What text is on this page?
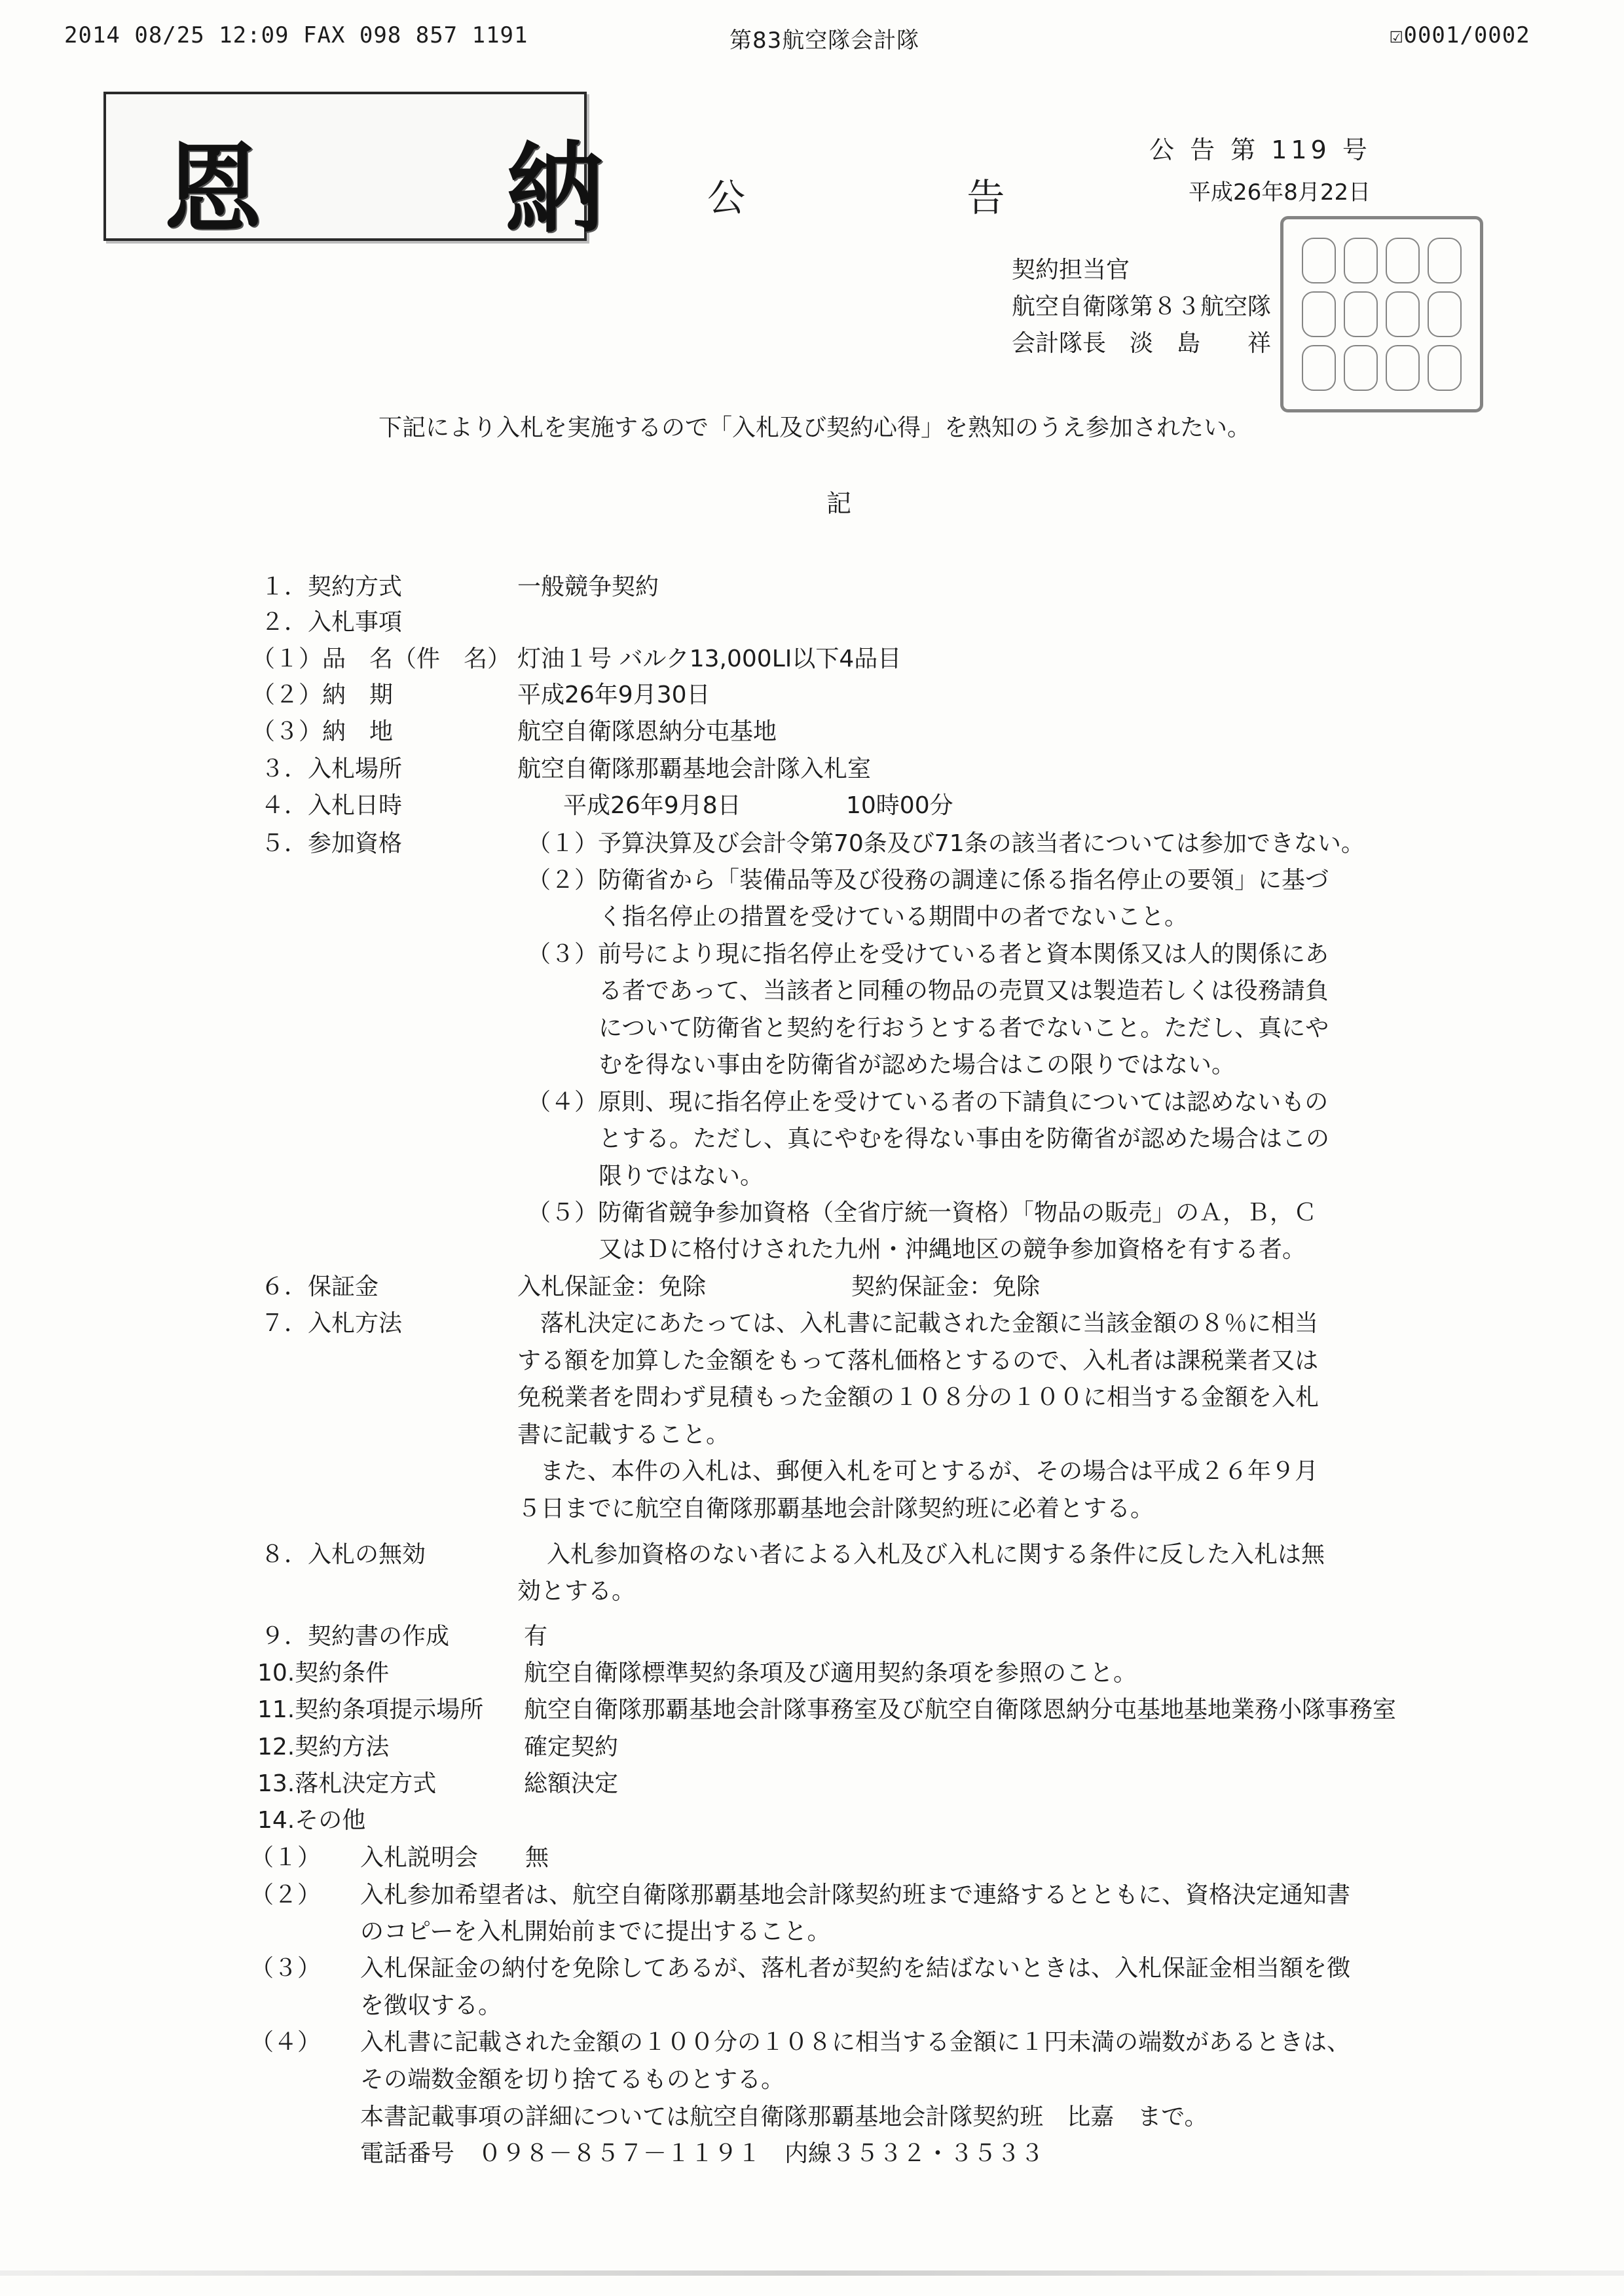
2014 08/25 12:09 FAX 098 857 1191	第83航空隊会計隊	☑0001/0002
恩 納
公 告
公 告 第 119 号
平成26年8月22日
契約担当官
航空自衛隊第８３航空隊
会計隊長　淡　島　　祥
下記により入札を実施するので「入札及び契約心得」を熟知のうえ参加されたい。
記
１．契約方式	一般競争契約
２．入札事項
（１）品　名（件　名） 灯油１号 バルク13,000LI以下4品目
（２）納　期	平成26年9月30日
（３）納　地	航空自衛隊恩納分屯基地
３．入札場所	航空自衛隊那覇基地会計隊入札室
４．入札日時	平成26年9月8日	10時00分
５．参加資格	（１）予算決算及び会計令第70条及び71条の該当者については参加できない。
（２）防衛省から「装備品等及び役務の調達に係る指名停止の要領」に基づ
く指名停止の措置を受けている期間中の者でないこと。
（３）前号により現に指名停止を受けている者と資本関係又は人的関係にあ
る者であって、当該者と同種の物品の売買又は製造若しくは役務請負
について防衛省と契約を行おうとする者でないこと。ただし、真にや
むを得ない事由を防衛省が認めた場合はこの限りではない。
（４）原則、現に指名停止を受けている者の下請負については認めないもの
とする。ただし、真にやむを得ない事由を防衛省が認めた場合はこの
限りではない。
（５）防衛省競争参加資格（全省庁統一資格）「物品の販売」のＡ，Ｂ，Ｃ
又はＤに格付けされた九州・沖縄地区の競争参加資格を有する者。
６．保証金	入札保証金：免除	契約保証金：免除
７．入札方法	落札決定にあたっては、入札書に記載された金額に当該金額の８％に相当
する額を加算した金額をもって落札価格とするので、入札者は課税業者又は
免税業者を問わず見積もった金額の１０８分の１００に相当する金額を入札
書に記載すること。
また、本件の入札は、郵便入札を可とするが、その場合は平成２６年９月
５日までに航空自衛隊那覇基地会計隊契約班に必着とする。
８．入札の無効	入札参加資格のない者による入札及び入札に関する条件に反した入札は無
効とする。
９．契約書の作成	有
10.契約条件	航空自衛隊標準契約条項及び適用契約条項を参照のこと。
11.契約条項提示場所 航空自衛隊那覇基地会計隊事務室及び航空自衛隊恩納分屯基地基地業務小隊事務室
12.契約方法	確定契約
13.落札決定方式	総額決定
14.その他
（１） 入札説明会　　無
（２） 入札参加希望者は、航空自衛隊那覇基地会計隊契約班まで連絡するとともに、資格決定通知書
のコピーを入札開始前までに提出すること。
（３） 入札保証金の納付を免除してあるが、落札者が契約を結ばないときは、入札保証金相当額を徴
を徴収する。
（４） 入札書に記載された金額の１００分の１０８に相当する金額に１円未満の端数があるときは、
その端数金額を切り捨てるものとする。
本書記載事項の詳細については航空自衛隊那覇基地会計隊契約班　比嘉　まで。
電話番号　０９８－８５７－１１９１　内線３５３２・３５３３
